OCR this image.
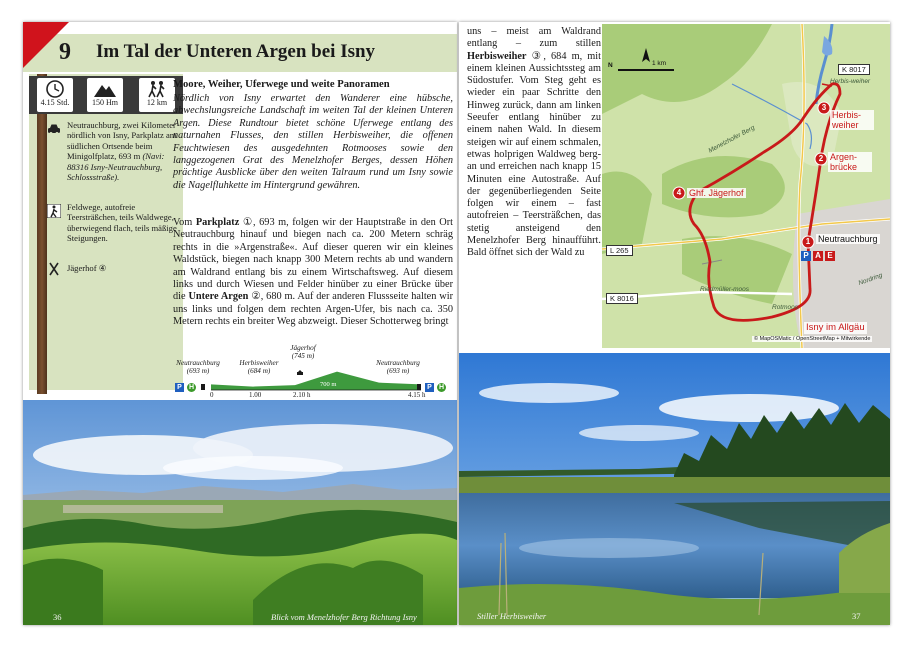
9 Im Tal der Unteren Argen bei Isny
4.15 Std.	150 Hm	12 km
Neutrauchburg, zwei Kilometer nördlich von Isny, Parkplatz am südlichen Ortsende beim Minigolfplatz, 693 m (Navi: 88316 Isny-Neutrauchburg, Schlossstraße).
Feldwege, autofreie Teersträßchen, teils Waldwege, überwiegend flach, teils mäßige Steigungen.
Jägerhof ④
Moore, Weiher, Uferwege und weite Panoramen
Nördlich von Isny erwartet den Wanderer eine hübsche, abwechslungsreiche Landschaft im weiten Tal der kleinen Unteren Argen. Diese Rundtour bietet schöne Uferwege entlang des naturnahen Flusses, den stillen Herbisweiher, die offenen Feuchtwiesen des ausgedehnten Rotmooses sowie den langgezogenen Grat des Menelzhofer Berges, dessen Höhen prächtige Ausblicke über den weiten Talraum rund um Isny sowie die Nagelfluhkette im Hintergrund gewähren.
Vom Parkplatz ①, 693 m, folgen wir der Hauptstraße in den Ort Neutrauchburg hinauf und biegen nach ca. 200 Metern schräg rechts in die »Argenstraße«. Auf dieser queren wir ein kleines Waldstück, biegen nach knapp 300 Metern rechts ab und wandern am Waldrand entlang bis zu einem Wirtschaftsweg. Auf diesem links und durch Wiesen und Felder hinüber zu einer Brücke über die Untere Argen ②, 680 m. Auf der anderen Flussseite halten wir uns links und folgen dem rechten Argen-Ufer, bis nach ca. 350 Metern rechts ein breiter Weg abzweigt. Dieser Schotterweg bringt
Neutrauchburg
(693 m)
Herbisweiher
(684 m)
Jägerhof
(745 m)
Neutrauchburg
(693 m)
P	H	P	H
700 m
0	1.00	2.10 h	4.15 h
Blick vom Menelzhofer Berg Richtung Isny
36
uns – meist am Waldrand entlang – zum stillen Herbisweiher ③, 684 m, mit einem kleinen Aussichtssteg am Südostufer. Vom Steg geht es wieder ein paar Schritte den Hinweg zurück, dann am linken Seeufer entlang hinüber zu einem nahen Wald. In diesem steigen wir auf einem schmalen, etwas holprigen Waldweg bergan und erreichen nach knapp 15 Minuten eine Autostraße. Auf der gegenüberliegenden Seite folgen wir einem – fast autofreien – Teersträßchen, das stetig ansteigend den Menelzhofer Berg hinaufführt. Bald öffnet sich der Wald zu
N	1 km
K 8017
L 265
K 8016
Menelzhofer Berg
Herbis-weiher
Rotmoos
Riedmüller-moos
Nordring
3
Herbis-weiher
2 Argen-brücke
4 Ghf. Jägerhof
1 Neutrauchburg
P A E
Isny im Allgäu
© MapOSMatic / OpenStreetMap + Mitwirkende
Stiller Herbisweiher	37
